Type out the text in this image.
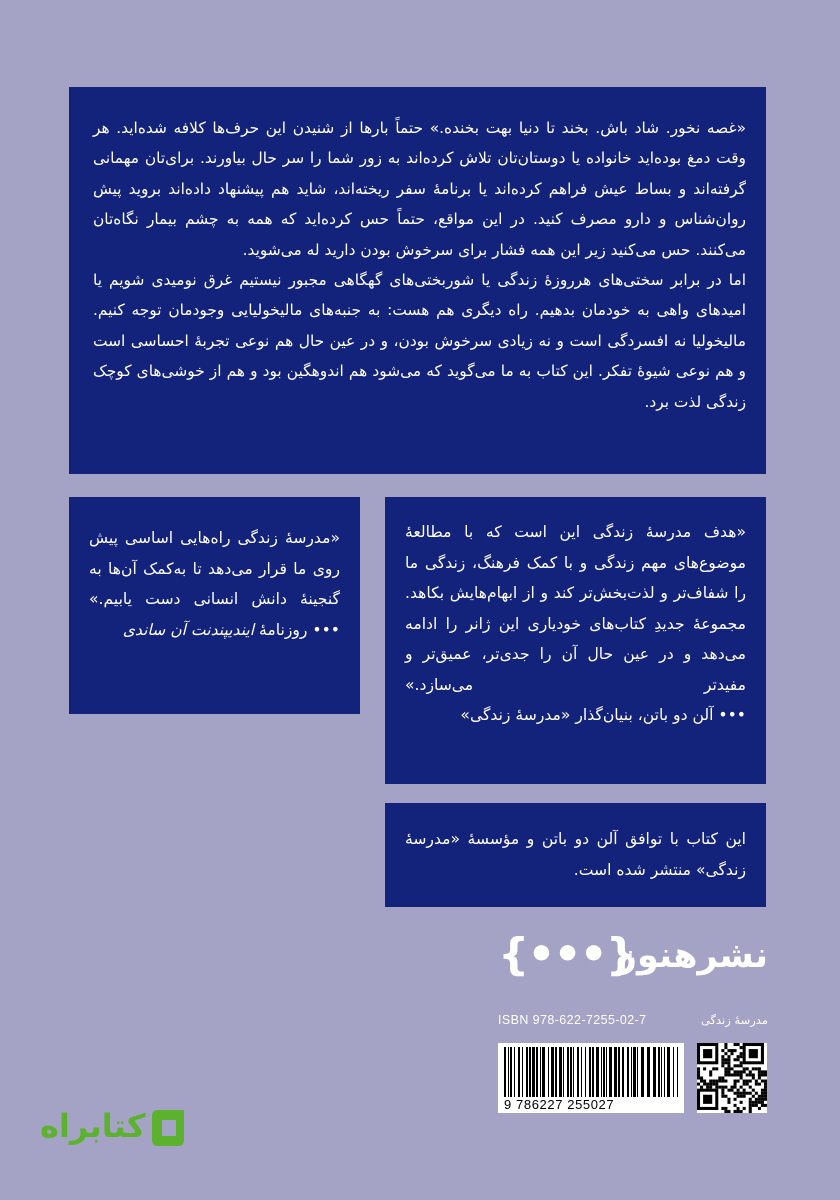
«غصه نخور. شاد باش. بخند تا دنیا بهت بخنده.» حتماً بارها از شنیدن این حرف‌ها کلافه شده‌اید. هر وقت دمغ بوده‌اید خانواده یا دوستان‌تان تلاش کرده‌اند به زور شما را سر حال بیاورند. برای‌تان مهمانی گرفته‌اند و بساط عیش فراهم کرده‌اند یا برنامهٔ سفر ریخته‌اند، شاید هم پیشنهاد داده‌اند بروید پیش روان‌شناس و دارو مصرف کنید. در این مواقع، حتماً حس کرده‌اید که همه به چشم بیمار نگاه‌تان می‌کنند. حس می‌کنید زیر این همه فشار برای سرخوش بودن دارید له می‌شوید.

اما در برابر سختی‌های هرروزهٔ زندگی یا شوربختی‌های گهگاهی مجبور نیستیم غرق نومیدی شویم یا امیدهای واهی به خودمان بدهیم. راه دیگری هم هست: به جنبه‌های مالیخولیایی وجودمان توجه کنیم. مالیخولیا نه افسردگی است و نه زیادی سرخوش بودن، و در عین حال هم نوعی تجربهٔ احساسی است و هم نوعی شیوهٔ تفکر. این کتاب به ما می‌گوید که می‌شود هم اندوهگین بود و هم از خوشی‌های کوچک زندگی لذت برد.

«مدرسهٔ زندگی راه‌هایی اساسی پیش روی ما قرار می‌دهد تا به‌کمک آن‌ها به گنجینهٔ دانش انسانی دست یابیم.»

••• روزنامهٔ ایندیپندنت آن ساندی

«هدف مدرسهٔ زندگی این است که با مطالعهٔ موضوع‌های مهم زندگی و با کمک فرهنگ، زندگی ما را شفاف‌تر و لذت‌بخش‌تر کند و از ابهام‌هایش بکاهد. مجموعهٔ جدیدِ کتاب‌های خودیاری این ژانر را ادامه می‌دهد و در عین حال آن را جدی‌تر، عمیق‌تر و مفیدتر می‌سازد.»

••• آلن دو باتن، بنیان‌گذار «مدرسهٔ زندگی»

این کتاب با توافق آلن دو باتن و مؤسسهٔ «مدرسهٔ زندگی» منتشر شده است.

نشرهنوز
{•••}
ISBN 978-622-7255-02-7	مدرسهٔ زندگی
9 786227 255027
کتابراه
